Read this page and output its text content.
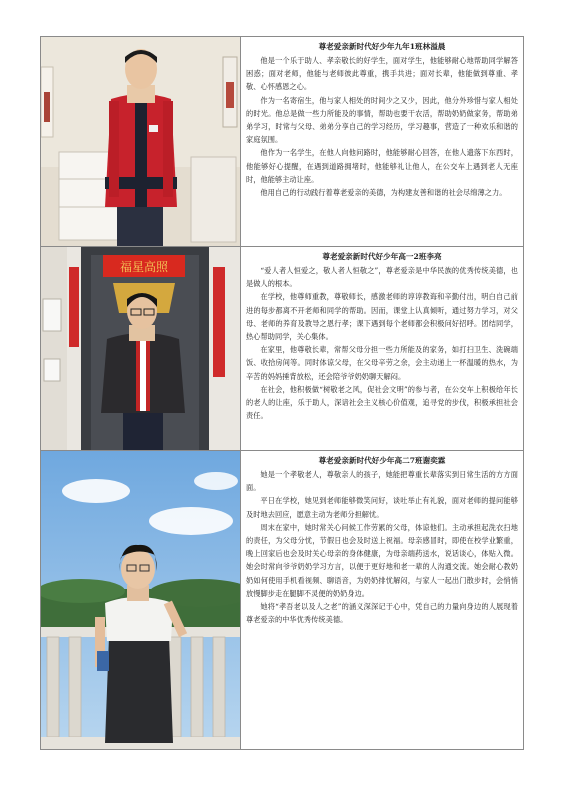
尊老爱亲新时代好少年九年1班林溢晨

他是一个乐于助人、孝亲敬长的好学生，面对学生，他能够耐心地帮助同学解答困惑；面对老师，他能与老师彼此尊重，携手共进；面对长辈，他能做到尊重、孝敬、心怀感恩之心。

作为一名寄宿生，他与家人相处的时间少之又少，因此，他分外珍惜与家人相处的时光。他总是做一些力所能及的事情，帮助也要干农活，帮助奶奶做家务，帮助弟弟学习，时常与父母、弟弟分享自己的学习经历，学习趣事，营造了一种欢乐和谐的家庭氛围。

他作为一名学生，在他人向他问路时，他能够耐心回答，在他人遗落下东西时，他能够好心提醒，在遇到道路拥堵时，他能够礼让他人，在公交车上遇到老人无座时，他能够主动让座。

他用自己的行动践行着尊老爱亲的美德，为构建友善和谐的社会尽绵薄之力。

福星高照
尊老爱亲新时代好少年高一2班李亮

“爱人者人恒爱之，敬人者人恒敬之”，尊老爱亲是中华民族的优秀传统美德，也是做人的根本。

在学校，他尊师重教，尊敬师长，感激老师的谆谆教诲和辛勤付出，明白自己前进的每步都离不开老师和同学的帮助。因而，课堂上认真倾听，通过努力学习，对父母、老师的养育及教导之恩行孝；课下遇到每个老师都会积极问好招呼。团结同学，热心帮助同学，关心集体。

在家里，他尊敬长辈，常帮父母分担一些力所能及的家务，如打扫卫生、洗碗端饭、收拾房间等。同时体谅父母，在父母辛劳之余，会主动递上一杯温暖的热水，为辛苦的妈妈捶背放松，还会陪爷爷奶奶聊天解闷。

在社会，他积极做“树敬老之风，促社会文明”的参与者，在公交车上积极给年长的老人的让座，乐于助人，深谙社会主义核心价值观，追寻党的步伐，积极承担社会责任。

尊老爱亲新时代好少年高二7班谢奕霖

她是一个孝敬老人，尊敬亲人的孩子，她能把尊重长辈落实到日常生活的方方面面。

平日在学校，她见到老师能够微笑问好，谈吐举止有礼貌，面对老师的提问能够及时地去回应，愿意主动为老师分担解忧。

周末在家中，她时常关心问候工作劳累的父母，体谅他们。主动承担起洗衣扫地的责任，为父母分忧，节假日也会及时送上祝福。母亲感冒时，即使在校学业繁重，晚上回家后也会及时关心母亲的身体健康，为母亲端药送水，说话谈心，体贴入微。她会时常向爷爷奶奶学习方言，以便于更好地和老一辈的人沟通交流。她会耐心教奶奶如何使用手机看视频、聊语音，为奶奶排忧解闷，与家人一起出门散步时，会悄悄放慢脚步走在腿脚不灵便的奶奶身边。

她将“孝吾老以及人之老”的涵义深深记于心中，凭自己的力量向身边的人展现着尊老爱亲的中华优秀传统美德。
